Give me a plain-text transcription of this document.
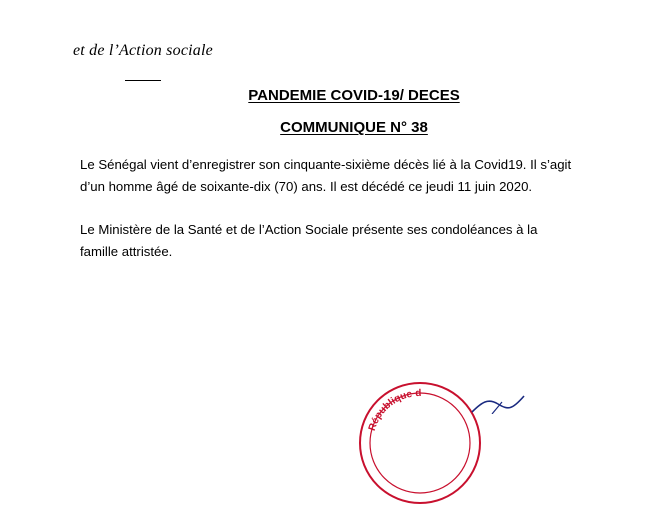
et de l’Action sociale
PANDEMIE COVID-19/ DECES
COMMUNIQUE N° 38
Le Sénégal vient d’enregistrer son cinquante-sixième décès lié à la Covid19. Il s’agit
d’un homme âgé de soixante-dix (70) ans. Il est décédé ce jeudi 11 juin 2020.
Le Ministère de la Santé et de l’Action Sociale présente ses condoléances à la
famille attristée.
République d
